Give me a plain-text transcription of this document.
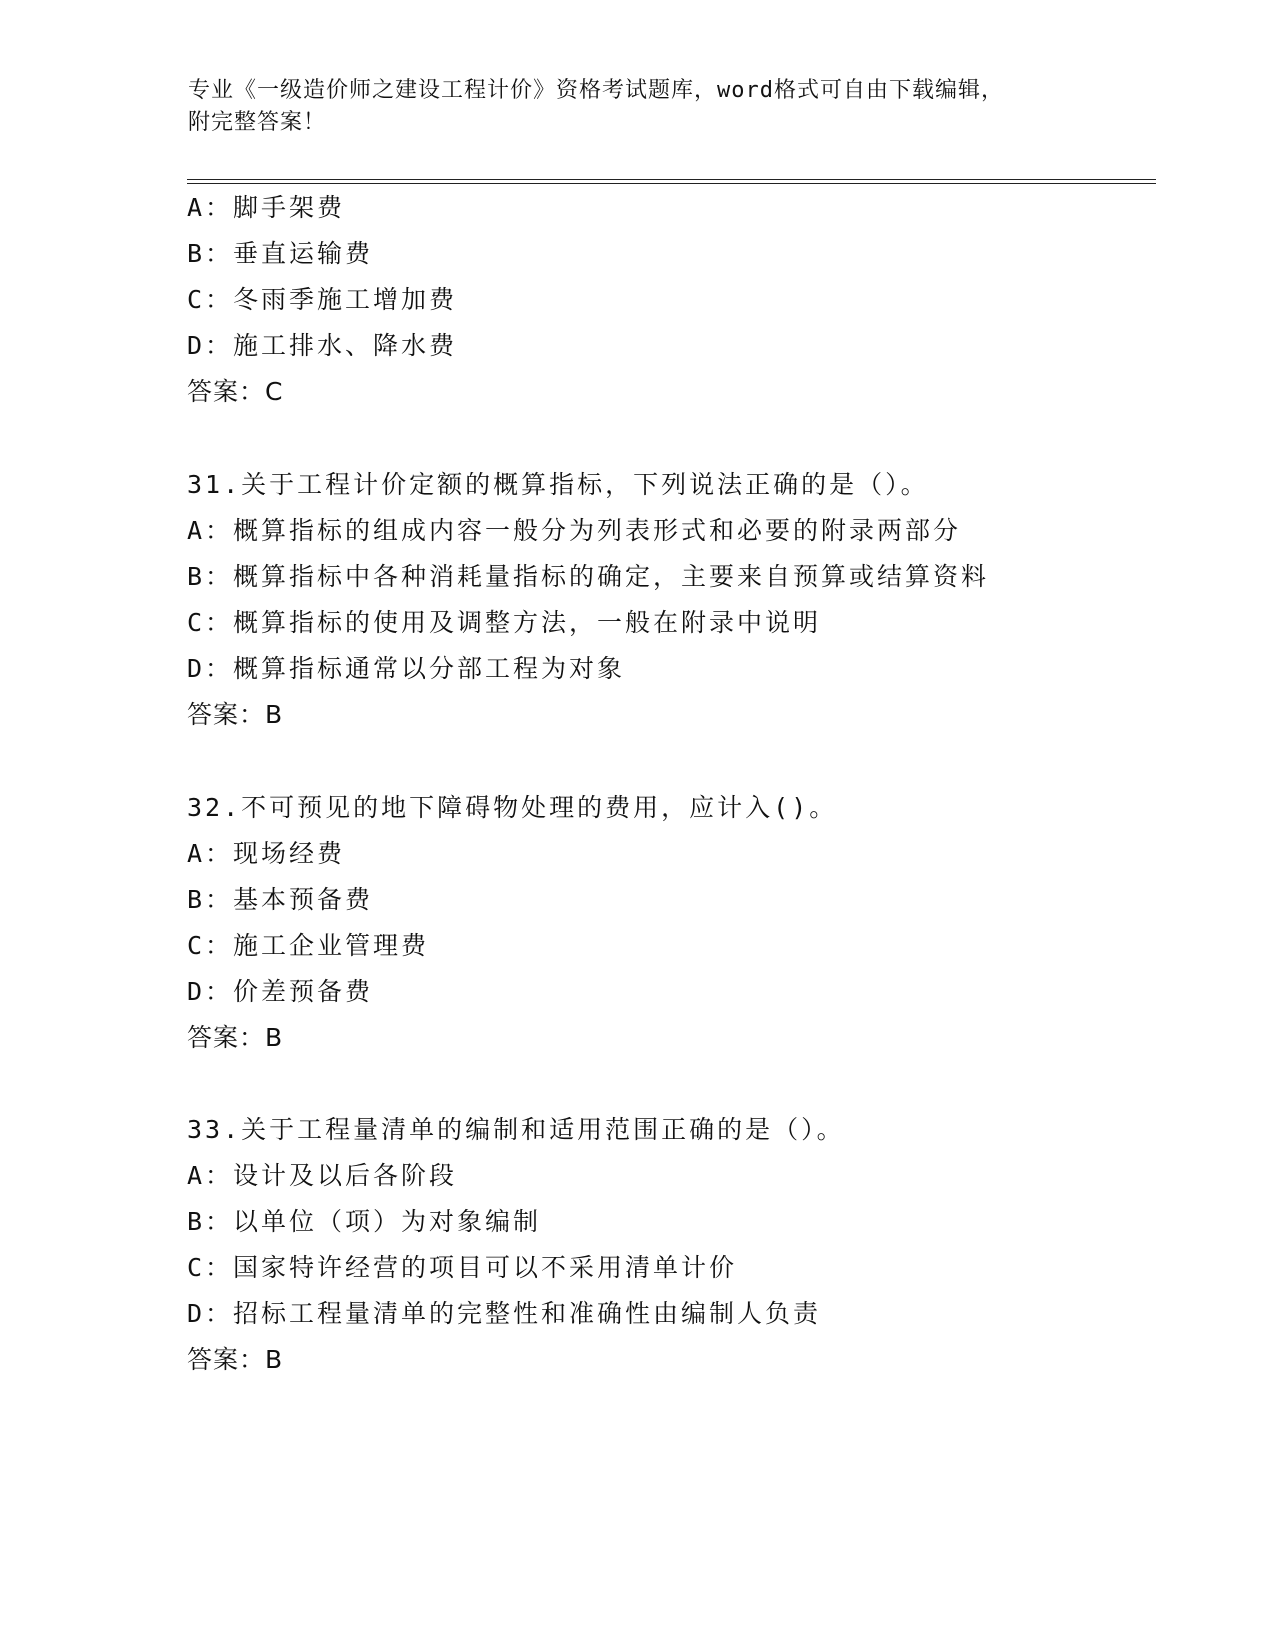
专业《一级造价师之建设工程计价》资格考试题库，word格式可自由下载编辑，
附完整答案！
A：脚手架费
B：垂直运输费
C：冬雨季施工增加费
D：施工排水、降水费
答案：C
31.关于工程计价定额的概算指标，下列说法正确的是（）。
A：概算指标的组成内容一般分为列表形式和必要的附录两部分
B：概算指标中各种消耗量指标的确定，主要来自预算或结算资料
C：概算指标的使用及调整方法，一般在附录中说明
D：概算指标通常以分部工程为对象
答案：B
32.不可预见的地下障碍物处理的费用，应计入()。
A：现场经费
B：基本预备费
C：施工企业管理费
D：价差预备费
答案：B
33.关于工程量清单的编制和适用范围正确的是（）。
A：设计及以后各阶段
B：以单位（项）为对象编制
C：国家特许经营的项目可以不采用清单计价
D：招标工程量清单的完整性和准确性由编制人负责
答案：B
